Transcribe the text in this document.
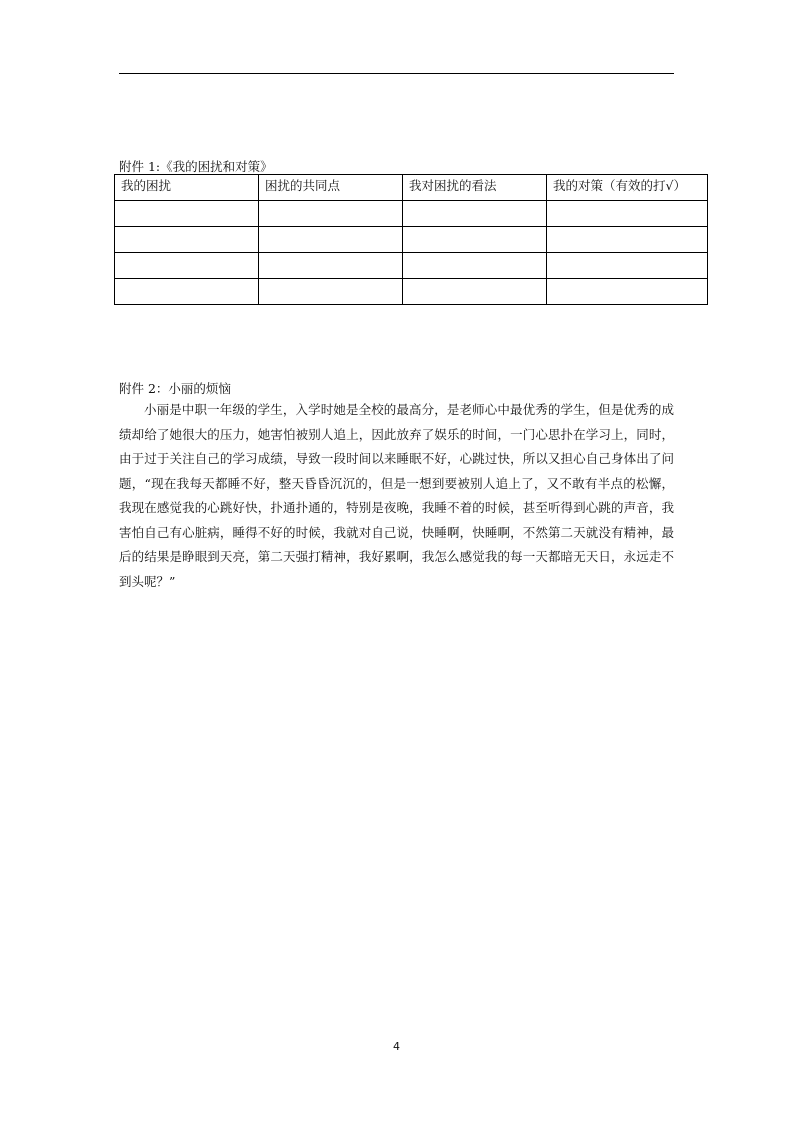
附件 1:《我的困扰和对策》
我的困扰	困扰的共同点	我对困扰的看法	我的对策（有效的打√）

附件 2：小丽的烦恼

小丽是中职一年级的学生，入学时她是全校的最高分，是老师心中最优秀的学生，但是优秀的成绩却给了她很大的压力，她害怕被别人追上，因此放弃了娱乐的时间，一门心思扑在学习上，同时，由于过于关注自己的学习成绩，导致一段时间以来睡眠不好，心跳过快，所以又担心自己身体出了问题，“现在我每天都睡不好，整天昏昏沉沉的，但是一想到要被别人追上了，又不敢有半点的松懈，我现在感觉我的心跳好快，扑通扑通的，特别是夜晚，我睡不着的时候，甚至听得到心跳的声音，我害怕自己有心脏病，睡得不好的时候，我就对自己说，快睡啊，快睡啊，不然第二天就没有精神，最后的结果是睁眼到天亮，第二天强打精神，我好累啊，我怎么感觉我的每一天都暗无天日，永远走不到头呢？”

4
